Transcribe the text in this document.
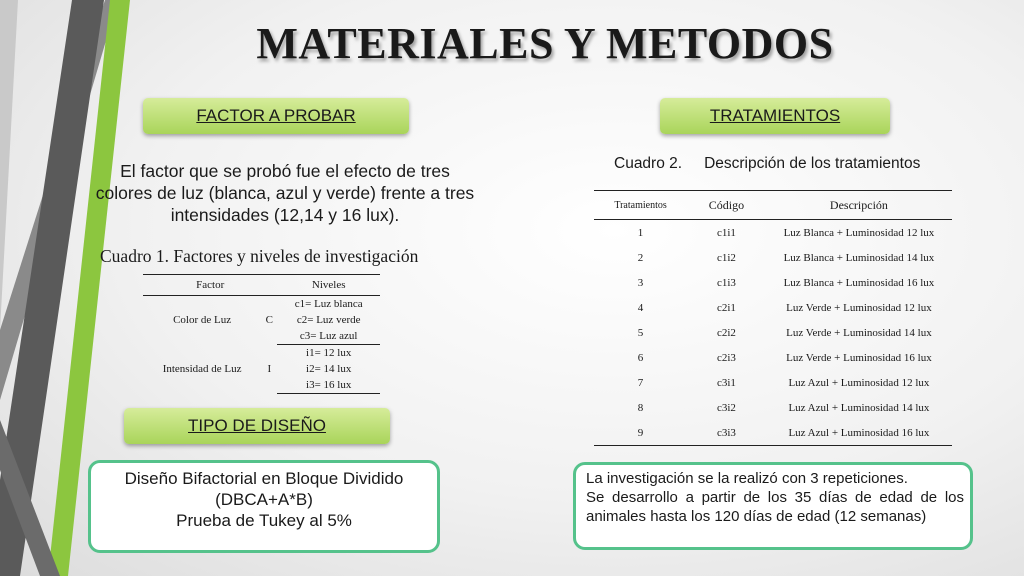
MATERIALES Y METODOS
FACTOR A PROBAR	TRATAMIENTOS
TIPO DE DISEÑO
El factor que se probó fue el efecto de tres colores de luz (blanca, azul y verde) frente a tres intensidades (12,14 y 16 lux).
Cuadro 1. Factores y niveles de investigación
Factor		Niveles
Color de Luz	C	c1= Luz blanca
		c2= Luz verde
		c3= Luz azul
Intensidad de Luz	I	i1= 12 lux
		i2= 14 lux
		i3= 16 lux
Cuadro 2. Descripción de los tratamientos
Tratamientos	Código	Descripción
1	c1i1	Luz Blanca + Luminosidad 12 lux
2	c1i2	Luz Blanca + Luminosidad 14 lux
3	c1i3	Luz Blanca + Luminosidad 16 lux
4	c2i1	Luz Verde + Luminosidad 12 lux
5	c2i2	Luz Verde + Luminosidad 14 lux
6	c2i3	Luz Verde + Luminosidad 16 lux
7	c3i1	Luz Azul + Luminosidad 12 lux
8	c3i2	Luz Azul + Luminosidad 14 lux
9	c3i3	Luz Azul + Luminosidad 16 lux
Diseño Bifactorial en Bloque Dividido
(DBCA+A*B)
Prueba de Tukey al 5%
La investigación se la realizó con 3 repeticiones.
Se desarrollo a partir de los 35 días de edad de los animales hasta los 120 días de edad (12 semanas)
